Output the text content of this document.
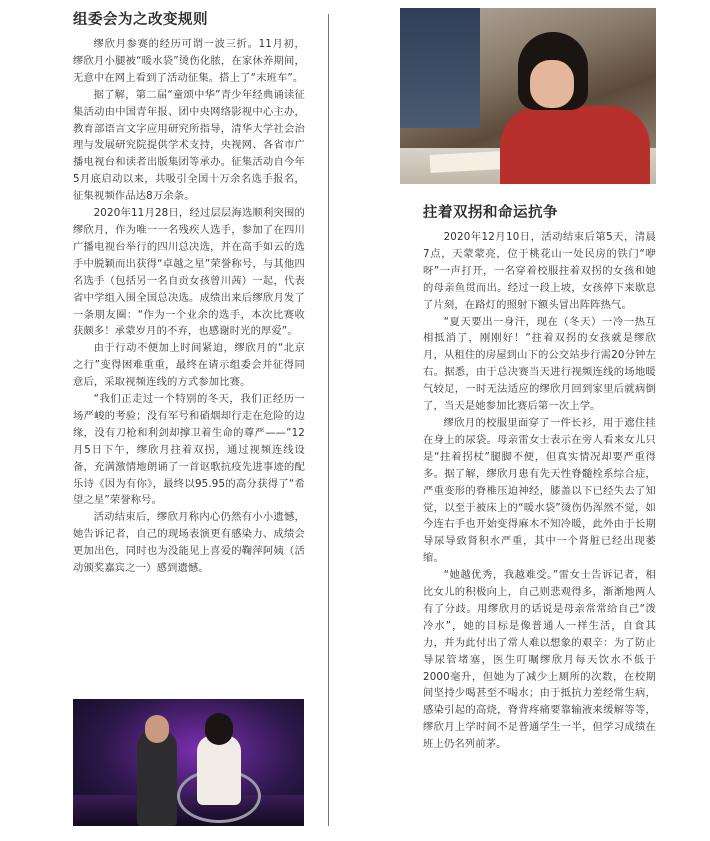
组委会为之改变规则

缪欣月参赛的经历可谓一波三折。11月初，缪欣月小腿被“暖水袋”烫伤化脓，在家休养期间，无意中在网上看到了活动征集。搭上了“末班车”。

据了解，第二届“童颂中华”青少年经典诵读征集活动由中国青年报、团中央网络影视中心主办，教育部语言文字应用研究所指导，清华大学社会治理与发展研究院提供学术支持，央视网、各省市广播电视台和读者出版集团等承办。征集活动自今年5月底启动以来，共吸引全国十万余名选手报名，征集视频作品达8万余条。

2020年11月28日，经过层层海选顺利突围的缪欣月，作为唯一一名残疾人选手，参加了在四川广播电视台举行的四川总决选，并在高手如云的选手中脱颖而出获得“卓越之星”荣誉称号，与其他四名选手（包括另一名自贡女孩曾川茜）一起，代表省中学组入围全国总决选。成绩出来后缪欣月发了一条朋友圈：“作为一个业余的选手，本次比赛收获颇多！承蒙岁月的不弃，也感谢时光的厚爱”。

由于行动不便加上时间紧迫，缪欣月的“北京之行”变得困难重重，最终在请示组委会并征得同意后，采取视频连线的方式参加比赛。

“我们正走过一个特别的冬天，我们正经历一场严峻的考验；没有军号和硝烟却行走在危险的边缘，没有刀枪和利剑却撑卫着生命的尊严——”12月5日下午，缪欣月拄着双拐，通过视频连线设备，充满激情地朗诵了一首讴歌抗疫先进事迹的配乐诗《因为有你》，最终以95.95的高分获得了“希望之星”荣誉称号。

活动结束后，缪欣月称内心仍然有小小遗憾，她告诉记者，自己的现场表演更有感染力、成绩会更加出色，同时也为没能见上喜爱的鞠萍阿姨（活动颁奖嘉宾之一）感到遗憾。

拄着双拐和命运抗争

2020年12月10日，活动结束后第5天，清晨7点，天蒙蒙亮，位于桃花山一处民房的铁门“咿呀”一声打开，一名穿着校服拄着双拐的女孩和她的母亲鱼贯而出。经过一段上坡，女孩停下来歇息了片刻，在路灯的照射下额头冒出阵阵热气。

“夏天要出一身汗，现在（冬天）一冷一热互相抵消了，刚刚好！”拄着双拐的女孩就是缪欣月，从租住的房屋到山下的公交站步行需20分钟左右。据悉，由于总决赛当天进行视频连线的场地暖气较足，一时无法适应的缪欣月回到家里后就病倒了，当天是她参加比赛后第一次上学。

缪欣月的校服里面穿了一件长衫，用于遮住挂在身上的尿袋。母亲雷女士表示在旁人看来女儿只是“拄着拐杖”腿脚不便，但真实情况却要严重得多。据了解，缪欣月患有先天性脊髓栓系综合症，严重变形的脊椎压迫神经，膝盖以下已经失去了知觉，以至于被床上的“暖水袋”烫伤仍浑然不觉，如今连右手也开始变得麻木不知冷暖，此外由于长期导尿导致肾积水严重，其中一个肾脏已经出现萎缩。

“她越优秀，我越难受。”雷女士告诉记者，相比女儿的积极向上，自己则悲观得多，渐渐地两人有了分歧。用缪欣月的话说是母亲常常给自己“泼冷水”，她的目标是像普通人一样生活，自食其力，并为此付出了常人难以想象的艰辛：为了防止导尿管堵塞，医生叮嘱缪欣月每天饮水不低于2000毫升，但她为了减少上厕所的次数，在校期间坚持少喝甚至不喝水；由于抵抗力差经常生病，感染引起的高烧，脊背疼痛要靠输液来缓解等等，缪欣月上学时间不足普通学生一半，但学习成绩在班上仍名列前茅。
